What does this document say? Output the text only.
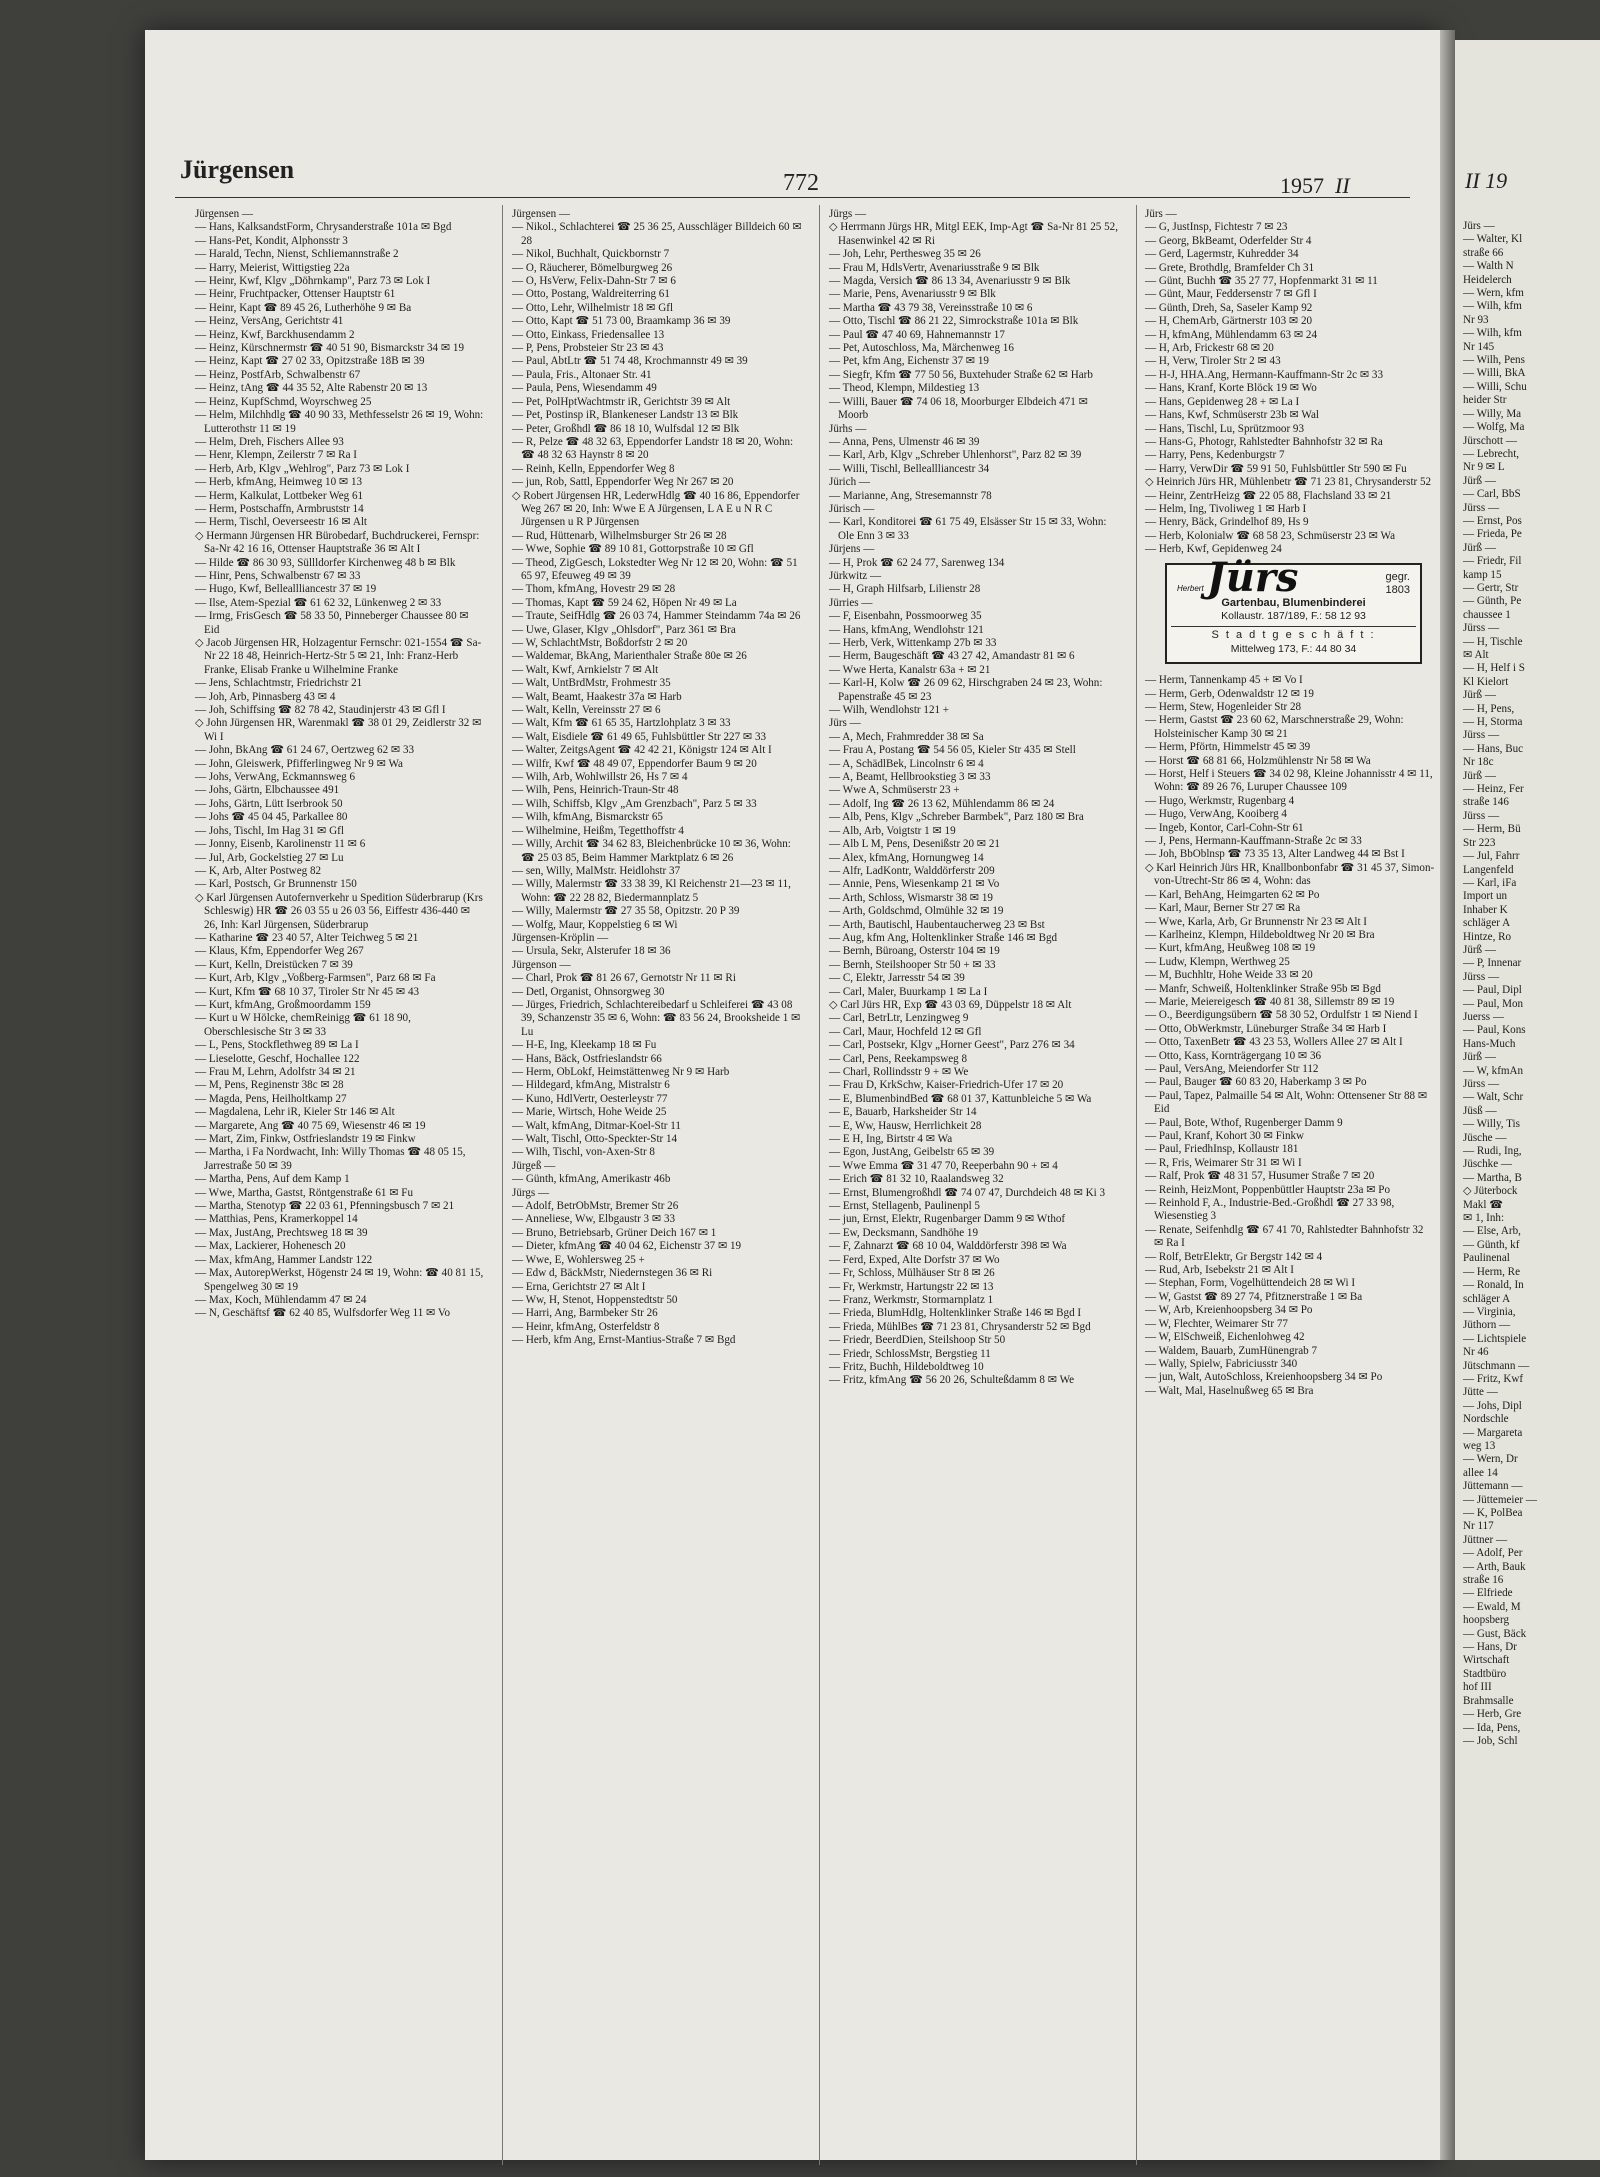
Jürgensen	772	1957 II

Jürgensen —

— Hans, KalksandstForm, Chrysanderstraße 101a ✉ Bgd

— Hans-Pet, Kondit, Alphonsstr 3

— Harald, Techn, Nienst, Schliemannstraße 2

— Harry, Meierist, Wittigstieg 22a

— Heinr, Kwf, Klgv „Döhrnkamp", Parz 73 ✉ Lok I

— Heinr, Fruchtpacker, Ottenser Hauptstr 61

— Heinr, Kapt ☎ 89 45 26, Lutherhöhe 9 ✉ Ba

— Heinz, VersAng, Gerichtstr 41

— Heinz, Kwf, Barckhusendamm 2

— Heinz, Kürschnermstr ☎ 40 51 90, Bismarckstr 34 ✉ 19

— Heinz, Kapt ☎ 27 02 33, Opitzstraße 18B ✉ 39

— Heinz, PostfArb, Schwalbenstr 67

— Heinz, tAng ☎ 44 35 52, Alte Rabenstr 20 ✉ 13

— Heinz, KupfSchmd, Woyrschweg 25

— Helm, Milchhdlg ☎ 40 90 33, Methfesselstr 26 ✉ 19, Wohn: Lutterothstr 11 ✉ 19

— Helm, Dreh, Fischers Allee 93

— Henr, Klempn, Zeilerstr 7 ✉ Ra I

— Herb, Arb, Klgv „Wehlrog", Parz 73 ✉ Lok I

— Herb, kfmAng, Heimweg 10 ✉ 13

— Herm, Kalkulat, Lottbeker Weg 61

— Herm, Postschaffn, Armbruststr 14

— Herm, Tischl, Oeverseestr 16 ✉ Alt

◇ Hermann Jürgensen HR Bürobedarf, Buchdruckerei, Fernspr: Sa-Nr 42 16 16, Ottenser Hauptstraße 36 ✉ Alt I

— Hilde ☎ 86 30 93, Süllldorfer Kirchenweg 48 b ✉ Blk

— Hinr, Pens, Schwalbenstr 67 ✉ 33

— Hugo, Kwf, Belleallliancestr 37 ✉ 19

— Ilse, Atem-Spezial ☎ 61 62 32, Lünkenweg 2 ✉ 33

— Irmg, FrisGesch ☎ 58 33 50, Pinneberger Chaussee 80 ✉ Eid

◇ Jacob Jürgensen HR, Holzagentur Fernschr: 021-1554 ☎ Sa-Nr 22 18 48, Heinrich-Hertz-Str 5 ✉ 21, Inh: Franz-Herb Franke, Elisab Franke u Wilhelmine Franke

— Jens, Schlachtmstr, Friedrichstr 21

— Joh, Arb, Pinnasberg 43 ✉ 4

— Joh, Schiffsing ☎ 82 78 42, Staudinjerstr 43 ✉ Gfl I

◇ John Jürgensen HR, Warenmakl ☎ 38 01 29, Zeidlerstr 32 ✉ Wi I

— John, BkAng ☎ 61 24 67, Oertzweg 62 ✉ 33

— John, Gleiswerk, Pfifferlingweg Nr 9 ✉ Wa

— Johs, VerwAng, Eckmannsweg 6

— Johs, Gärtn, Elbchaussee 491

— Johs, Gärtn, Lütt Iserbrook 50

— Johs ☎ 45 04 45, Parkallee 80

— Johs, Tischl, Im Hag 31 ✉ Gfl

— Jonny, Eisenb, Karolinenstr 11 ✉ 6

— Jul, Arb, Gockelstieg 27 ✉ Lu

— K, Arb, Alter Postweg 82

— Karl, Postsch, Gr Brunnenstr 150

◇ Karl Jürgensen Autofernverkehr u Spedition Süderbrarup (Krs Schleswig) HR ☎ 26 03 55 u 26 03 56, Eiffestr 436-440 ✉ 26, Inh: Karl Jürgensen, Süderbrarup

— Katharine ☎ 23 40 57, Alter Teichweg 5 ✉ 21

— Klaus, Kfm, Eppendorfer Weg 267

— Kurt, Kelln, Dreistücken 7 ✉ 39

— Kurt, Arb, Klgv „Voßberg-Farmsen", Parz 68 ✉ Fa

— Kurt, Kfm ☎ 68 10 37, Tiroler Str Nr 45 ✉ 43

— Kurt, kfmAng, Großmoordamm 159

— Kurt u W Hölcke, chemReinigg ☎ 61 18 90, Oberschlesische Str 3 ✉ 33

— L, Pens, Stockflethweg 89 ✉ La I

— Lieselotte, Geschf, Hochallee 122

— Frau M, Lehrn, Adolfstr 34 ✉ 21

— M, Pens, Reginenstr 38c ✉ 28

— Magda, Pens, Heilholtkamp 27

— Magdalena, Lehr iR, Kieler Str 146 ✉ Alt

— Margarete, Ang ☎ 40 75 69, Wiesenstr 46 ✉ 19

— Mart, Zim, Finkw, Ostfrieslandstr 19 ✉ Finkw

— Martha, i Fa Nordwacht, Inh: Willy Thomas ☎ 48 05 15, Jarrestraße 50 ✉ 39

— Martha, Pens, Auf dem Kamp 1

— Wwe, Martha, Gastst, Röntgenstraße 61 ✉ Fu

— Martha, Stenotyp ☎ 22 03 61, Pfenningsbusch 7 ✉ 21

— Matthias, Pens, Kramerkoppel 14

— Max, JustAng, Prechtsweg 18 ✉ 39

— Max, Lackierer, Hohenesch 20

— Max, kfmAng, Hammer Landstr 122

— Max, AutorepWerkst, Högenstr 24 ✉ 19, Wohn: ☎ 40 81 15, Spengelweg 30 ✉ 19

— Max, Koch, Mühlendamm 47 ✉ 24

— N, Geschäftsf ☎ 62 40 85, Wulfsdorfer Weg 11 ✉ Vo

Jürgensen —

— Nikol., Schlachterei ☎ 25 36 25, Ausschläger Billdeich 60 ✉ 28

— Nikol, Buchhalt, Quickbornstr 7

— O, Räucherer, Bömelburgweg 26

— O, HsVerw, Felix-Dahn-Str 7 ✉ 6

— Otto, Postang, Waldreiterring 61

— Otto, Lehr, Wilhelmistr 18 ✉ Gfl

— Otto, Kapt ☎ 51 73 00, Braamkamp 36 ✉ 39

— Otto, Einkass, Friedensallee 13

— P, Pens, Probsteier Str 23 ✉ 43

— Paul, AbtLtr ☎ 51 74 48, Krochmannstr 49 ✉ 39

— Paula, Fris., Altonaer Str. 41

— Paula, Pens, Wiesendamm 49

— Pet, PolHptWachtmstr iR, Gerichtstr 39 ✉ Alt

— Pet, Postinsp iR, Blankeneser Landstr 13 ✉ Blk

— Peter, Großhdl ☎ 86 18 10, Wulfsdal 12 ✉ Blk

— R, Pelze ☎ 48 32 63, Eppendorfer Landstr 18 ✉ 20, Wohn: ☎ 48 32 63 Haynstr 8 ✉ 20

— Reinh, Kelln, Eppendorfer Weg 8

— jun, Rob, Sattl, Eppendorfer Weg Nr 267 ✉ 20

◇ Robert Jürgensen HR, LederwHdlg ☎ 40 16 86, Eppendorfer Weg 267 ✉ 20, Inh: Wwe E A Jürgensen, L A E u N R C Jürgensen u R P Jürgensen

— Rud, Hüttenarb, Wilhelmsburger Str 26 ✉ 28

— Wwe, Sophie ☎ 89 10 81, Gottorpstraße 10 ✉ Gfl

— Theod, ZigGesch, Lokstedter Weg Nr 12 ✉ 20, Wohn: ☎ 51 65 97, Efeuweg 49 ✉ 39

— Thom, kfmAng, Hovestr 29 ✉ 28

— Thomas, Kapt ☎ 59 24 62, Höpen Nr 49 ✉ La

— Traute, SeifHdlg ☎ 26 03 74, Hammer Steindamm 74a ✉ 26

— Uwe, Glaser, Klgv „Ohlsdorf", Parz 361 ✉ Bra

— W, SchlachtMstr, Boßdorfstr 2 ✉ 20

— Waldemar, BkAng, Marienthaler Straße 80e ✉ 26

— Walt, Kwf, Arnkielstr 7 ✉ Alt

— Walt, UntBrdMstr, Frohmestr 35

— Walt, Beamt, Haakestr 37a ✉ Harb

— Walt, Kelln, Vereinsstr 27 ✉ 6

— Walt, Kfm ☎ 61 65 35, Hartzlohplatz 3 ✉ 33

— Walt, Eisdiele ☎ 61 49 65, Fuhlsbüttler Str 227 ✉ 33

— Walter, ZeitgsAgent ☎ 42 42 21, Königstr 124 ✉ Alt I

— Wilfr, Kwf ☎ 48 49 07, Eppendorfer Baum 9 ✉ 20

— Wilh, Arb, Wohlwillstr 26, Hs 7 ✉ 4

— Wilh, Pens, Heinrich-Traun-Str 48

— Wilh, Schiffsb, Klgv „Am Grenzbach", Parz 5 ✉ 33

— Wilh, kfmAng, Bismarckstr 65

— Wilhelmine, Heißm, Tegetthoffstr 4

— Willy, Archit ☎ 34 62 83, Bleichenbrücke 10 ✉ 36, Wohn: ☎ 25 03 85, Beim Hammer Marktplatz 6 ✉ 26

— sen, Willy, MalMstr. Heidlohstr 37

— Willy, Malermstr ☎ 33 38 39, Kl Reichenstr 21—23 ✉ 11, Wohn: ☎ 22 28 82, Biedermannplatz 5

— Willy, Malermstr ☎ 27 35 58, Opitzstr. 20 P 39

— Wolfg, Maur, Koppelstieg 6 ✉ Wi

Jürgensen-Kröplin —

— Ursula, Sekr, Alsterufer 18 ✉ 36

Jürgenson —

— Charl, Prok ☎ 81 26 67, Gernotstr Nr 11 ✉ Ri

— Detl, Organist, Ohnsorgweg 30

— Jürges, Friedrich, Schlachtereibedarf u Schleiferei ☎ 43 08 39, Schanzenstr 35 ✉ 6, Wohn: ☎ 83 56 24, Brooksheide 1 ✉ Lu

— H-E, Ing, Kleekamp 18 ✉ Fu

— Hans, Bäck, Ostfrieslandstr 66

— Herm, ObLokf, Heimstättenweg Nr 9 ✉ Harb

— Hildegard, kfmAng, Mistralstr 6

— Kuno, HdlVertr, Oesterleystr 77

— Marie, Wirtsch, Hohe Weide 25

— Walt, kfmAng, Ditmar-Koel-Str 11

— Walt, Tischl, Otto-Speckter-Str 14

— Wilh, Tischl, von-Axen-Str 8

Jürgeß —

— Günth, kfmAng, Amerikastr 46b

Jürgs —

— Adolf, BetrObMstr, Bremer Str 26

— Anneliese, Ww, Elbgaustr 3 ✉ 33

— Bruno, Betriebsarb, Grüner Deich 167 ✉ 1

— Dieter, kfmAng ☎ 40 04 62, Eichenstr 37 ✉ 19

— Wwe, E, Wohlersweg 25 +

— Edw d, BäckMstr, Niedernstegen 36 ✉ Ri

— Erna, Gerichtstr 27 ✉ Alt I

— Ww, H, Stenot, Hoppenstedtstr 50

— Harri, Ang, Barmbeker Str 26

— Heinr, kfmAng, Osterfeldstr 8

— Herb, kfm Ang, Ernst-Mantius-Straße 7 ✉ Bgd

Jürgs —

◇ Herrmann Jürgs HR, Mitgl EEK, Imp-Agt ☎ Sa-Nr 81 25 52, Hasenwinkel 42 ✉ Ri

— Joh, Lehr, Perthesweg 35 ✉ 26

— Frau M, HdlsVertr, Avenariusstraße 9 ✉ Blk

— Magda, Versich ☎ 86 13 34, Avenariusstr 9 ✉ Blk

— Marie, Pens, Avenariusstr 9 ✉ Blk

— Martha ☎ 43 79 38, Vereinsstraße 10 ✉ 6

— Otto, Tischl ☎ 86 21 22, Simrockstraße 101a ✉ Blk

— Paul ☎ 47 40 69, Hahnemannstr 17

— Pet, Autoschloss, Ma, Märchenweg 16

— Pet, kfm Ang, Eichenstr 37 ✉ 19

— Siegfr, Kfm ☎ 77 50 56, Buxtehuder Straße 62 ✉ Harb

— Theod, Klempn, Mildestieg 13

— Willi, Bauer ☎ 74 06 18, Moorburger Elbdeich 471 ✉ Moorb

Jürhs —

— Anna, Pens, Ulmenstr 46 ✉ 39

— Karl, Arb, Klgv „Schreber Uhlenhorst", Parz 82 ✉ 39

— Willi, Tischl, Belleallliancestr 34

Jürich —

— Marianne, Ang, Stresemannstr 78

Jürisch —

— Karl, Konditorei ☎ 61 75 49, Elsässer Str 15 ✉ 33, Wohn: Ole Enn 3 ✉ 33

Jürjens —

— H, Prok ☎ 62 24 77, Sarenweg 134

Jürkwitz —

— H, Graph Hilfsarb, Lilienstr 28

Jürries —

— F, Eisenbahn, Possmoorweg 35

— Hans, kfmAng, Wendlohstr 121

— Herb, Verk, Wittenkamp 27b ✉ 33

— Herm, Baugeschäft ☎ 43 27 42, Amandastr 81 ✉ 6

— Wwe Herta, Kanalstr 63a + ✉ 21

— Karl-H, Kolw ☎ 26 09 62, Hirschgraben 24 ✉ 23, Wohn: Papenstraße 45 ✉ 23

— Wilh, Wendlohstr 121 +

Jürs —

— A, Mech, Frahmredder 38 ✉ Sa

— Frau A, Postang ☎ 54 56 05, Kieler Str 435 ✉ Stell

— A, SchädlBek, Lincolnstr 6 ✉ 4

— A, Beamt, Hellbrookstieg 3 ✉ 33

— Wwe A, Schmüserstr 23 +

— Adolf, Ing ☎ 26 13 62, Mühlendamm 86 ✉ 24

— Alb, Pens, Klgv „Schreber Barmbek", Parz 180 ✉ Bra

— Alb, Arb, Voigtstr 1 ✉ 19

— Alb L M, Pens, Desenißstr 20 ✉ 21

— Alex, kfmAng, Hornungweg 14

— Alfr, LadKontr, Walddörferstr 209

— Annie, Pens, Wiesenkamp 21 ✉ Vo

— Arth, Schloss, Wismarstr 38 ✉ 19

— Arth, Goldschmd, Olmühle 32 ✉ 19

— Arth, Bautischl, Haubentaucherweg 23 ✉ Bst

— Aug, kfm Ang, Holtenklinker Straße 146 ✉ Bgd

— Bernh, Büroang, Osterstr 104 ✉ 19

— Bernh, Steilshooper Str 50 + ✉ 33

— C, Elektr, Jarresstr 54 ✉ 39

— Carl, Maler, Buurkamp 1 ✉ La I

◇ Carl Jürs HR, Exp ☎ 43 03 69, Düppelstr 18 ✉ Alt

— Carl, BetrLtr, Lenzingweg 9

— Carl, Maur, Hochfeld 12 ✉ Gfl

— Carl, Postsekr, Klgv „Horner Geest", Parz 276 ✉ 34

— Carl, Pens, Reekampsweg 8

— Charl, Rollindsstr 9 + ✉ We

— Frau D, KrkSchw, Kaiser-Friedrich-Ufer 17 ✉ 20

— E, BlumenbindBed ☎ 68 01 37, Kattunbleiche 5 ✉ Wa

— E, Bauarb, Harksheider Str 14

— E, Ww, Hausw, Herrlichkeit 28

— E H, Ing, Birtstr 4 ✉ Wa

— Egon, JustAng, Geibelstr 65 ✉ 39

— Wwe Emma ☎ 31 47 70, Reeperbahn 90 + ✉ 4

— Erich ☎ 81 32 10, Raalandsweg 32

— Ernst, Blumengroßhdl ☎ 74 07 47, Durchdeich 48 ✉ Ki 3

— Ernst, Stellagenb, Paulinenpl 5

— jun, Ernst, Elektr, Rugenbarger Damm 9 ✉ Wthof

— Ew, Decksmann, Sandhöhe 19

— F, Zahnarzt ☎ 68 10 04, Walddörferstr 398 ✉ Wa

— Ferd, Exped, Alte Dorfstr 37 ✉ Wo

— Fr, Schloss, Mülhäuser Str 8 ✉ 26

— Fr, Werkmstr, Hartungstr 22 ✉ 13

— Franz, Werkmstr, Stormarnplatz 1

— Frieda, BlumHdlg, Holtenklinker Straße 146 ✉ Bgd I

— Frieda, MühlBes ☎ 71 23 81, Chrysanderstr 52 ✉ Bgd

— Friedr, BeerdDien, Steilshoop Str 50

— Friedr, SchlossMstr, Bergstieg 11

— Fritz, Buchh, Hildeboldtweg 10

— Fritz, kfmAng ☎ 56 20 26, Schulteßdamm 8 ✉ We

Jürs —

— G, JustInsp, Fichtestr 7 ✉ 23

— Georg, BkBeamt, Oderfelder Str 4

— Gerd, Lagermstr, Kuhredder 34

— Grete, Brothdlg, Bramfelder Ch 31

— Günt, Buchh ☎ 35 27 77, Hopfenmarkt 31 ✉ 11

— Günt, Maur, Feddersenstr 7 ✉ Gfl I

— Günth, Dreh, Sa, Saseler Kamp 92

— H, ChemArb, Gärtnerstr 103 ✉ 20

— H, kfmAng, Mühlendamm 63 ✉ 24

— H, Arb, Frickestr 68 ✉ 20

— H, Verw, Tiroler Str 2 ✉ 43

— H-J, HHA.Ang, Hermann-Kauffmann-Str 2c ✉ 33

— Hans, Kranf, Korte Blöck 19 ✉ Wo

— Hans, Gepidenweg 28 + ✉ La I

— Hans, Kwf, Schmüserstr 23b ✉ Wal

— Hans, Tischl, Lu, Sprützmoor 93

— Hans-G, Photogr, Rahlstedter Bahnhofstr 32 ✉ Ra

— Harry, Pens, Kedenburgstr 7

— Harry, VerwDir ☎ 59 91 50, Fuhlsbüttler Str 590 ✉ Fu

◇ Heinrich Jürs HR, Mühlenbetr ☎ 71 23 81, Chrysanderstr 52

— Heinr, ZentrHeizg ☎ 22 05 88, Flachsland 33 ✉ 21

— Helm, Ing, Tivoliweg 1 ✉ Harb I

— Henry, Bäck, Grindelhof 89, Hs 9

— Herb, Kolonialw ☎ 68 58 23, Schmüserstr 23 ✉ Wa

— Herb, Kwf, Gepidenweg 24

Herbert Jürs	gegr.
1803
Gartenbau, Blumenbinderei
Kollaustr. 187/189, F.: 58 12 93
S t a d t g e s c h ä f t :
Mittelweg 173, F.: 44 80 34

— Herm, Tannenkamp 45 + ✉ Vo I

— Herm, Gerb, Odenwaldstr 12 ✉ 19

— Herm, Stew, Hogenleider Str 28

— Herm, Gastst ☎ 23 60 62, Marschnerstraße 29, Wohn: Holsteinischer Kamp 30 ✉ 21

— Herm, Pförtn, Himmelstr 45 ✉ 39

— Horst ☎ 68 81 66, Holzmühlenstr Nr 58 ✉ Wa

— Horst, Helf i Steuers ☎ 34 02 98, Kleine Johannisstr 4 ✉ 11, Wohn: ☎ 89 26 76, Luruper Chaussee 109

— Hugo, Werkmstr, Rugenbarg 4

— Hugo, VerwAng, Kooiberg 4

— Ingeb, Kontor, Carl-Cohn-Str 61

— J, Pens, Hermann-Kauffmann-Straße 2c ✉ 33

— Joh, BbOblnsp ☎ 73 35 13, Alter Landweg 44 ✉ Bst I

◇ Karl Heinrich Jürs HR, Knallbonbonfabr ☎ 31 45 37, Simon-von-Utrecht-Str 86 ✉ 4, Wohn: das

— Karl, BehAng, Heimgarten 62 ✉ Po

— Karl, Maur, Berner Str 27 ✉ Ra

— Wwe, Karla, Arb, Gr Brunnenstr Nr 23 ✉ Alt I

— Karlheinz, Klempn, Hildeboldtweg Nr 20 ✉ Bra

— Kurt, kfmAng, Heußweg 108 ✉ 19

— Ludw, Klempn, Werthweg 25

— M, Buchhltr, Hohe Weide 33 ✉ 20

— Manfr, Schweiß, Holtenklinker Straße 95b ✉ Bgd

— Marie, Meiereigesch ☎ 40 81 38, Sillemstr 89 ✉ 19

— O., Beerdigungsübern ☎ 58 30 52, Ordulfstr 1 ✉ Niend I

— Otto, ObWerkmstr, Lüneburger Straße 34 ✉ Harb I

— Otto, TaxenBetr ☎ 43 23 53, Wollers Allee 27 ✉ Alt I

— Otto, Kass, Kornträgergang 10 ✉ 36

— Paul, VersAng, Meiendorfer Str 112

— Paul, Bauger ☎ 60 83 20, Haberkamp 3 ✉ Po

— Paul, Tapez, Palmaille 54 ✉ Alt, Wohn: Ottensener Str 88 ✉ Eid

— Paul, Bote, Wthof, Rugenberger Damm 9

— Paul, Kranf, Kohort 30 ✉ Finkw

— Paul, FriedhInsp, Kollaustr 181

— R, Fris, Weimarer Str 31 ✉ Wi I

— Ralf, Prok ☎ 48 31 57, Husumer Straße 7 ✉ 20

— Reinh, HeizMont, Poppenbüttler Hauptstr 23a ✉ Po

— Reinhold F, A., Industrie-Bed.-Großhdl ☎ 27 33 98, Wiesenstieg 3

— Renate, Seifenhdlg ☎ 67 41 70, Rahlstedter Bahnhofstr 32 ✉ Ra I

— Rolf, BetrElektr, Gr Bergstr 142 ✉ 4

— Rud, Arb, Isebekstr 21 ✉ Alt I

— Stephan, Form, Vogelhüttendeich 28 ✉ Wi I

— W, Gastst ☎ 89 27 74, Pfitznerstraße 1 ✉ Ba

— W, Arb, Kreienhoopsberg 34 ✉ Po

— W, Flechter, Weimarer Str 77

— W, ElSchweiß, Eichenlohweg 42

— Waldem, Bauarb, ZumHünengrab 7

— Wally, Spielw, Fabriciusstr 340

— jun, Walt, AutoSchloss, Kreienhoopsberg 34 ✉ Po

— Walt, Mal, Haselnußweg 65 ✉ Bra

II 19

Jürs —

— Walter, Kl

straße 66

— Walth N

Heidelerch

— Wern, kfm

— Wilh, kfm

Nr 93

— Wilh, kfm

Nr 145

— Wilh, Pens

— Willi, BkA

— Willi, Schu

heider Str

— Willy, Ma

— Wolfg, Ma

Jürschott —

— Lebrecht,

Nr 9 ✉ L

Jürß —

— Carl, BbS

Jürss —

— Ernst, Pos

— Frieda, Pe

Jürß —

— Friedr, Fil

kamp 15

— Gertr, Str

— Günth, Pe

chaussee 1

Jürss —

— H, Tischle

✉ Alt

— H, Helf i S

Kl Kielort

Jürß —

— H, Pens,

— H, Storma

Jürss —

— Hans, Buc

Nr 18c

Jürß —

— Heinz, Fer

straße 146

Jürss —

— Herm, Bü

Str 223

— Jul, Fahrr

Langenfeld

— Karl, iFa

Import un

Inhaber K

schläger A

Hintze, Ro

Jürß —

— P, Innenar

Jürss —

— Paul, Dipl

— Paul, Mon

Juerss —

— Paul, Kons

Hans-Much

Jürß —

— W, kfmAn

Jürss —

— Walt, Schr

Jüsß —

— Willy, Tis

Jüsche —

— Rudi, Ing,

Jüschke —

— Martha, B

◇ Jüterbock

Makl ☎

✉ 1, Inh:

— Else, Arb,

— Günth, kf

Paulinenal

— Herm, Re

— Ronald, In

schläger A

— Virginia,

Jüthorn —

— Lichtspiele

Nr 46

Jütschmann —

— Fritz, Kwf

Jütte —

— Johs, Dipl

Nordschle

— Margareta

weg 13

— Wern, Dr

allee 14

Jüttemann —

— Jüttemeier —

— K, PolBea

Nr 117

Jüttner —

— Adolf, Per

— Arth, Bauk

straße 16

— Elfriede

— Ewald, M

hoopsberg

— Gust, Bäck

— Hans, Dr

Wirtschaft

Stadtbüro

hof III

Brahmsalle

— Herb, Gre

— Ida, Pens,

— Job, Schl
